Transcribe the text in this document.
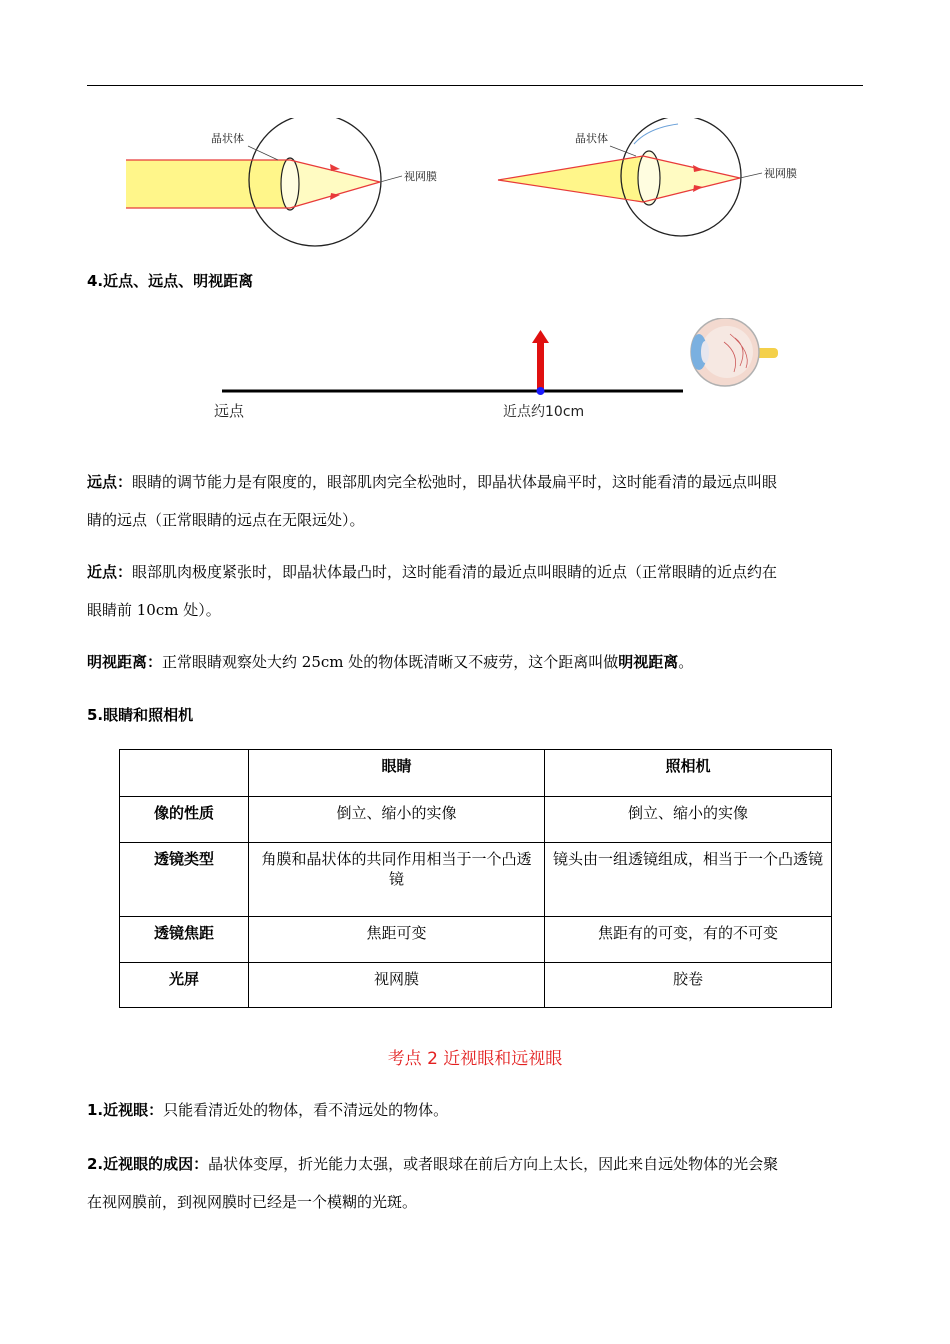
晶状体
视网膜
晶状体
视网膜
4.近点、远点、明视距离
远点	近点约10cm
远点：眼睛的调节能力是有限度的，眼部肌肉完全松弛时，即晶状体最扁平时，这时能看清的最远点叫眼
睛的远点（正常眼睛的远点在无限远处）。
近点：眼部肌肉极度紧张时，即晶状体最凸时，这时能看清的最近点叫眼睛的近点（正常眼睛的近点约在
眼睛前 10cm 处）。
明视距离：正常眼睛观察处大约 25cm 处的物体既清晰又不疲劳，这个距离叫做明视距离。
5.眼睛和照相机
	眼睛	照相机
像的性质	倒立、缩小的实像	倒立、缩小的实像
透镜类型	角膜和晶状体的共同作用相当于一个凸透镜	镜头由一组透镜组成，相当于一个凸透镜
透镜焦距	焦距可变	焦距有的可变，有的不可变
光屏	视网膜	胶卷
考点 2 近视眼和远视眼
1.近视眼：只能看清近处的物体，看不清远处的物体。
2.近视眼的成因：晶状体变厚，折光能力太强，或者眼球在前后方向上太长，因此来自远处物体的光会聚
在视网膜前，到视网膜时已经是一个模糊的光斑。
